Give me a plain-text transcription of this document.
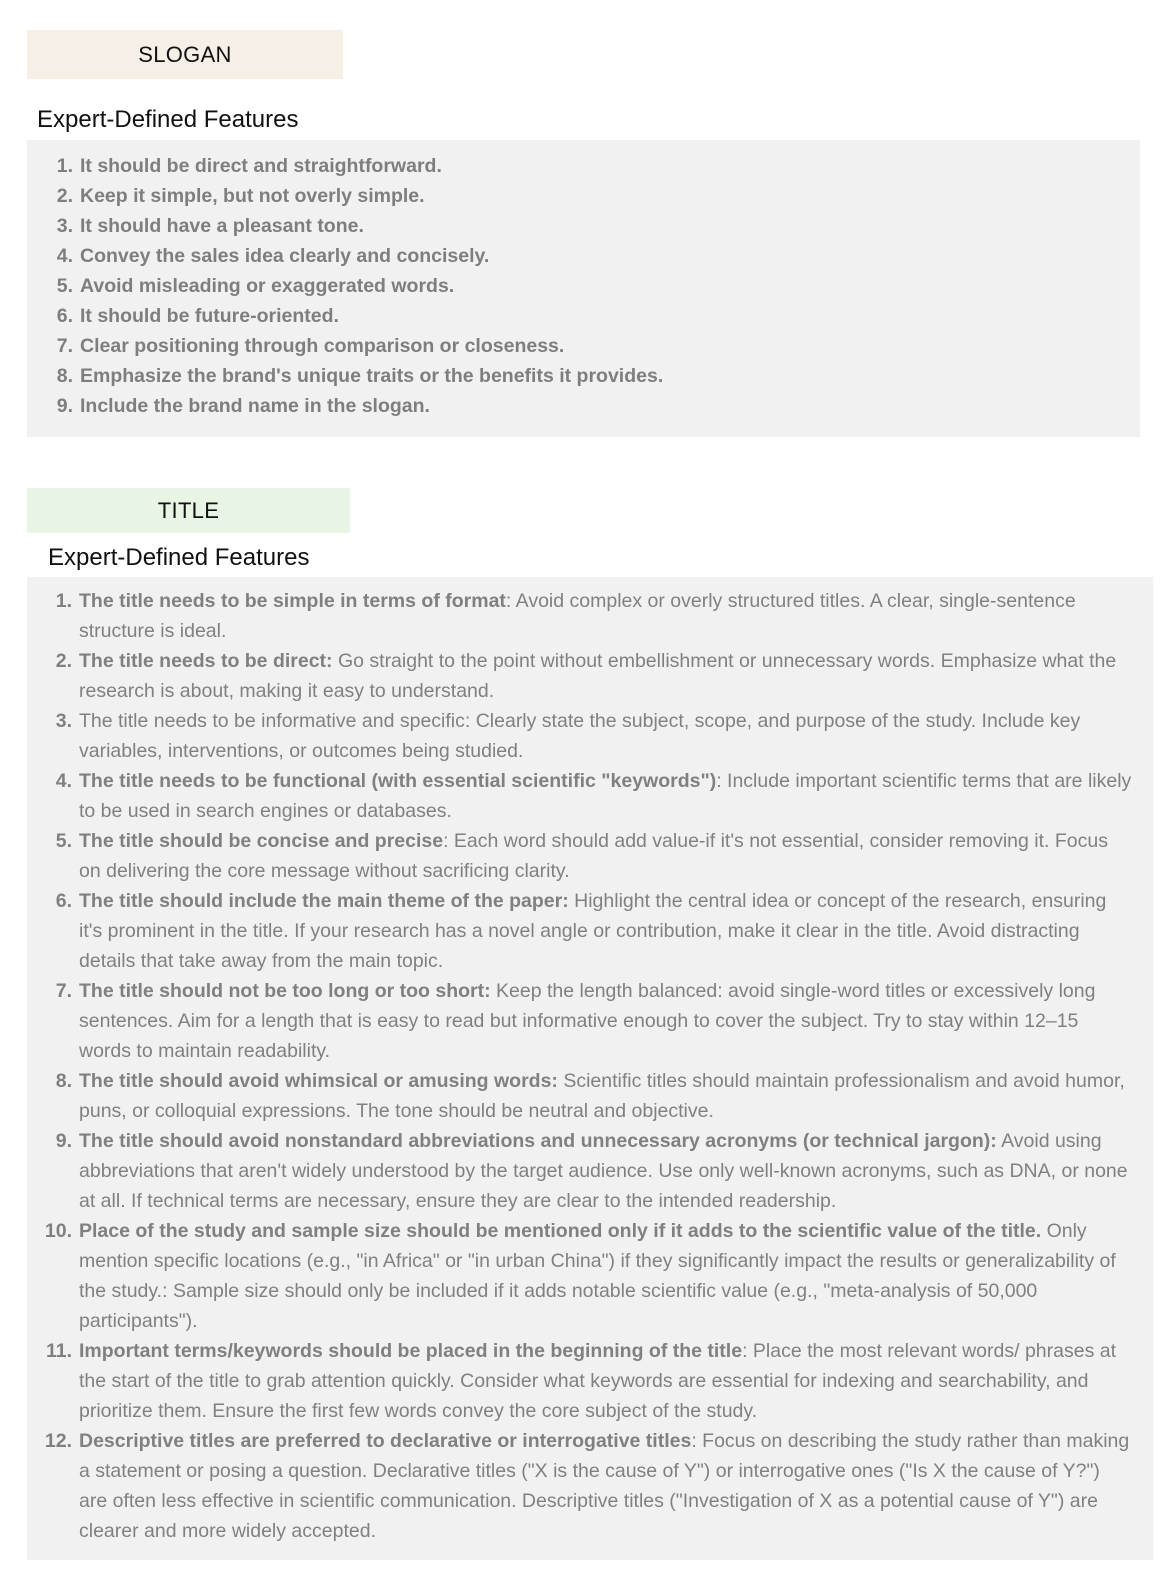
SLOGAN
Expert-Defined Features
1. It should be direct and straightforward.
2. Keep it simple, but not overly simple.
3. It should have a pleasant tone.
4. Convey the sales idea clearly and concisely.
5. Avoid misleading or exaggerated words.
6. It should be future-oriented.
7. Clear positioning through comparison or closeness.
8. Emphasize the brand's unique traits or the benefits it provides.
9. Include the brand name in the slogan.
TITLE
Expert-Defined Features
1. The title needs to be simple in terms of format: Avoid complex or overly structured titles. A clear, single-sentence structure is ideal.
2. The title needs to be direct: Go straight to the point without embellishment or unnecessary words. Emphasize what the research is about, making it easy to understand.
3. The title needs to be informative and specific: Clearly state the subject, scope, and purpose of the study. Include key variables, interventions, or outcomes being studied.
4. The title needs to be functional (with essential scientific "keywords"): Include important scientific terms that are likely to be used in search engines or databases.
5. The title should be concise and precise: Each word should add value-if it's not essential, consider removing it. Focus on delivering the core message without sacrificing clarity.
6. The title should include the main theme of the paper: Highlight the central idea or concept of the research, ensuring it's prominent in the title. If your research has a novel angle or contribution, make it clear in the title. Avoid distracting details that take away from the main topic.
7. The title should not be too long or too short: Keep the length balanced: avoid single-word titles or excessively long sentences. Aim for a length that is easy to read but informative enough to cover the subject. Try to stay within 12–15 words to maintain readability.
8. The title should avoid whimsical or amusing words: Scientific titles should maintain professionalism and avoid humor, puns, or colloquial expressions. The tone should be neutral and objective.
9. The title should avoid nonstandard abbreviations and unnecessary acronyms (or technical jargon): Avoid using abbreviations that aren't widely understood by the target audience. Use only well-known acronyms, such as DNA, or none at all. If technical terms are necessary, ensure they are clear to the intended readership.
10. Place of the study and sample size should be mentioned only if it adds to the scientific value of the title. Only mention specific locations (e.g., "in Africa" or "in urban China") if they significantly impact the results or generalizability of the study.: Sample size should only be included if it adds notable scientific value (e.g., "meta-analysis of 50,000 participants").
11. Important terms/keywords should be placed in the beginning of the title: Place the most relevant words/ phrases at the start of the title to grab attention quickly. Consider what keywords are essential for indexing and searchability, and prioritize them. Ensure the first few words convey the core subject of the study.
12. Descriptive titles are preferred to declarative or interrogative titles: Focus on describing the study rather than making a statement or posing a question. Declarative titles ("X is the cause of Y") or interrogative ones ("Is X the cause of Y?") are often less effective in scientific communication. Descriptive titles ("Investigation of X as a potential cause of Y") are clearer and more widely accepted.
